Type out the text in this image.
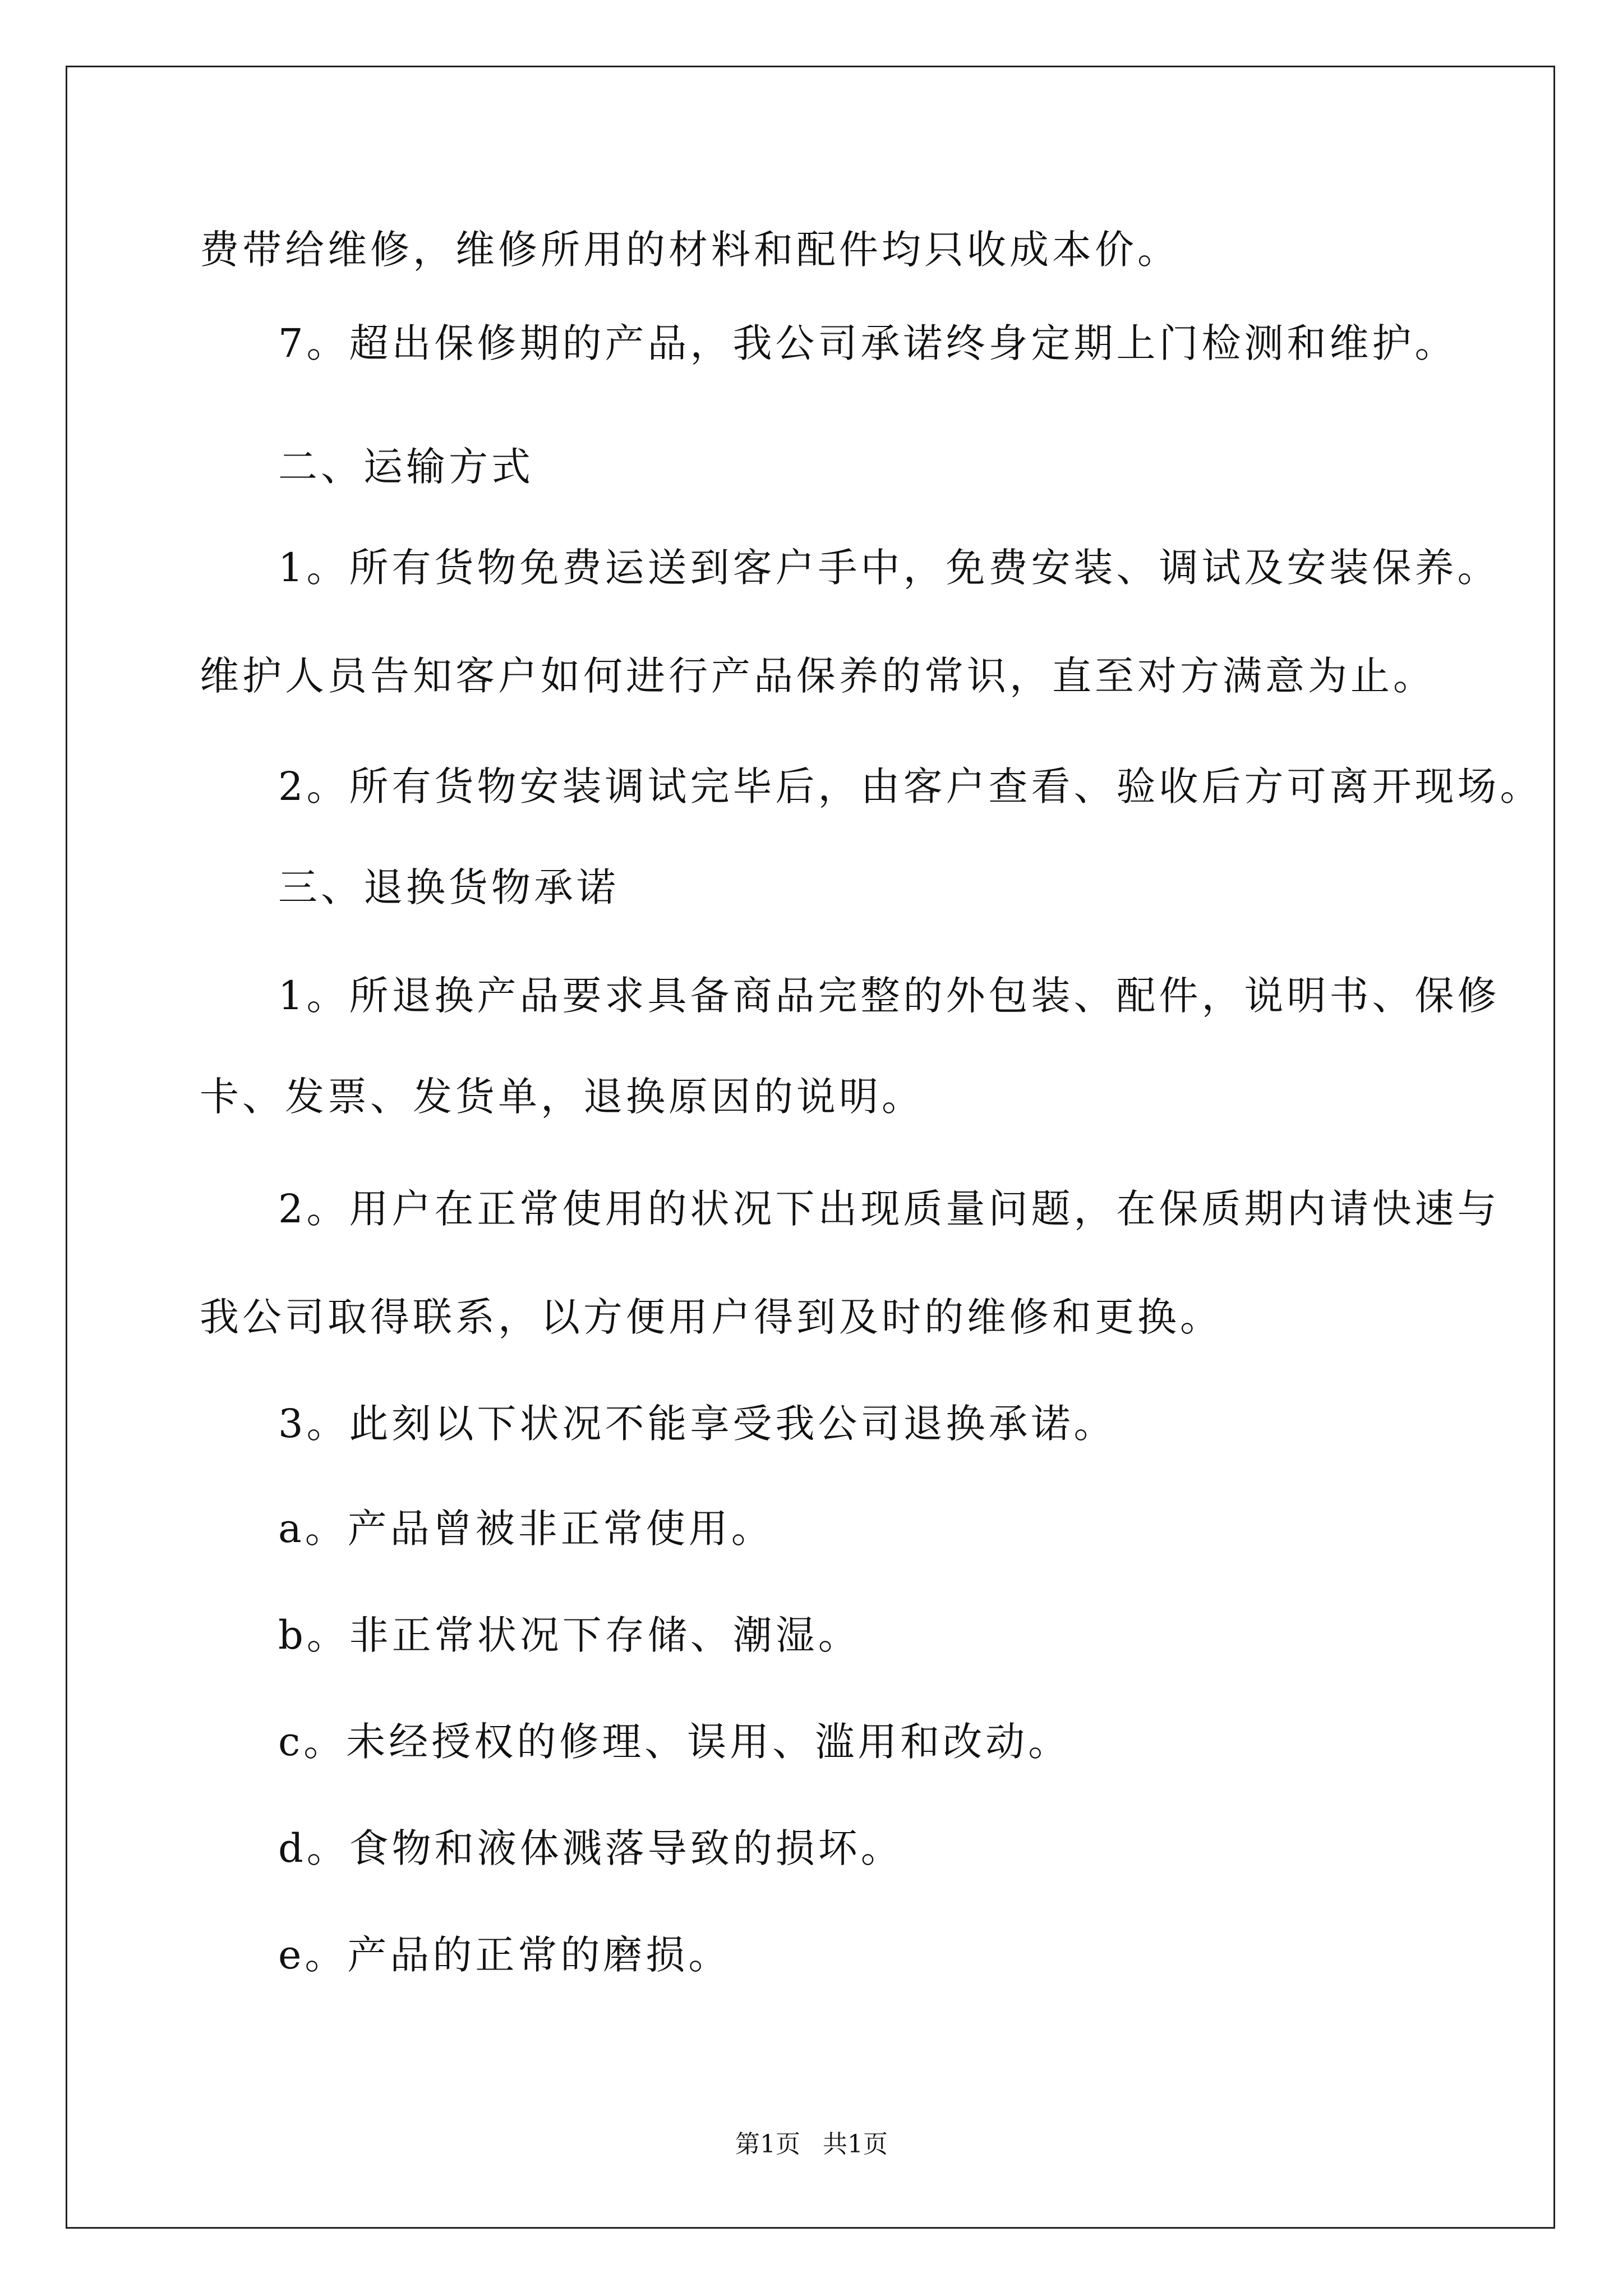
费带给维修，维修所用的材料和配件均只收成本价。
7。超出保修期的产品，我公司承诺终身定期上门检测和维护。
二、运输方式
1。所有货物免费运送到客户手中，免费安装、调试及安装保养。
维护人员告知客户如何进行产品保养的常识，直至对方满意为止。
2。所有货物安装调试完毕后，由客户查看、验收后方可离开现场。
三、退换货物承诺
1。所退换产品要求具备商品完整的外包装、配件，说明书、保修
卡、发票、发货单，退换原因的说明。
2。用户在正常使用的状况下出现质量问题，在保质期内请快速与
我公司取得联系，以方便用户得到及时的维修和更换。
3。此刻以下状况不能享受我公司退换承诺。
a。产品曾被非正常使用。
b。非正常状况下存储、潮湿。
c。未经授权的修理、误用、滥用和改动。
d。食物和液体溅落导致的损坏。
e。产品的正常的磨损。
第1页 共1页
